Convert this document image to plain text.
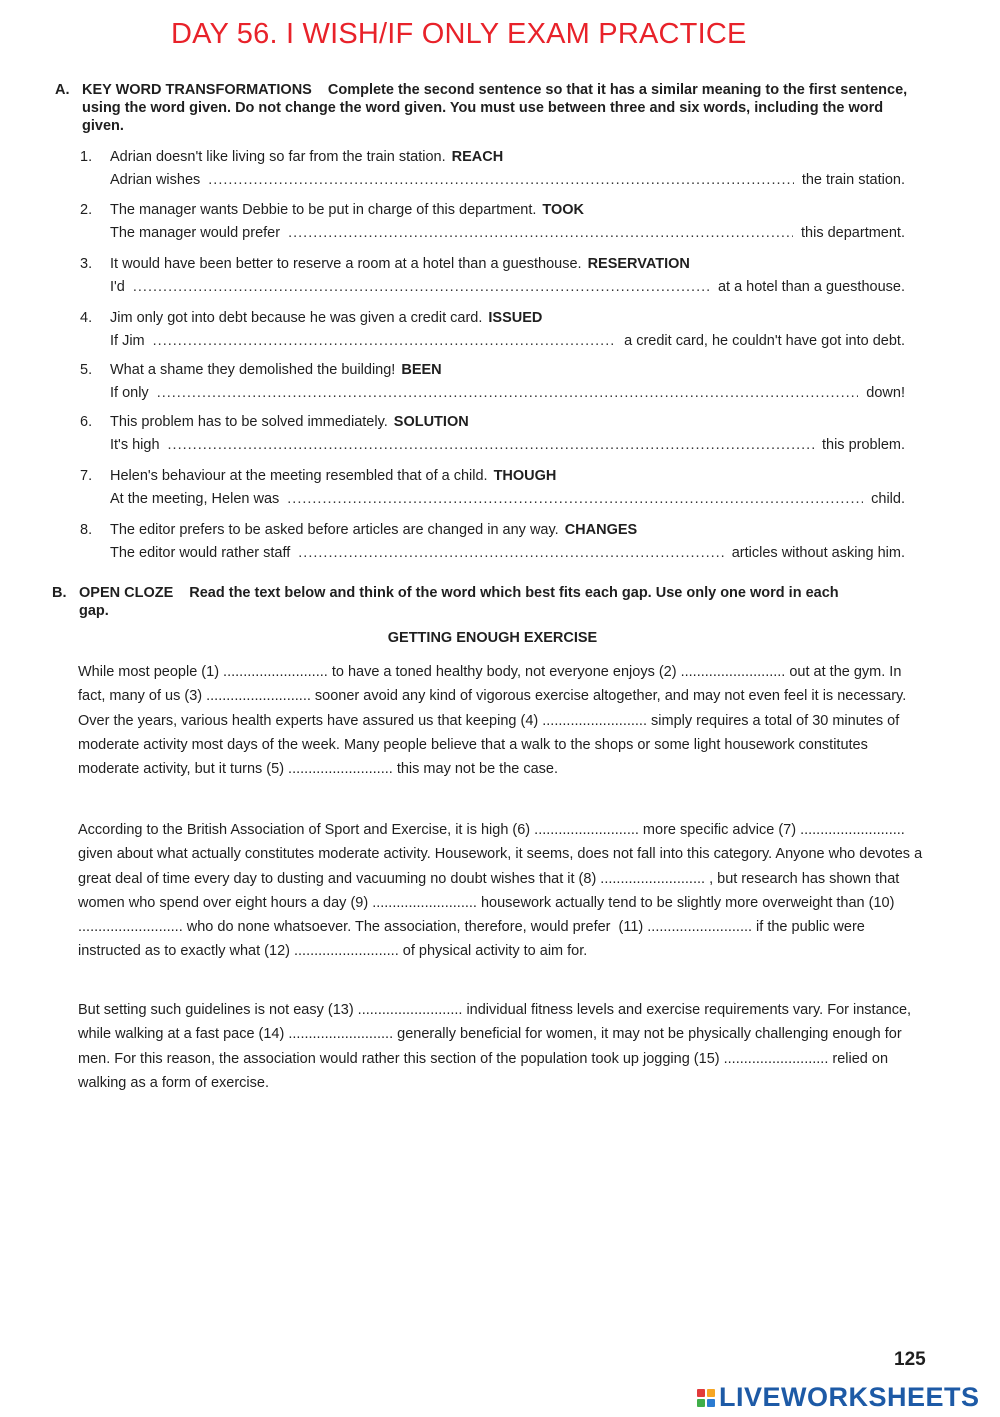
DAY 56. I WISH/IF ONLY EXAM PRACTICE
A. KEY WORD TRANSFORMATIONS Complete the second sentence so that it has a similar meaning to the first sentence, using the word given. Do not change the word given. You must use between three and six words, including the word given.
1. Adrian doesn't like living so far from the train station. REACH
Adrian wishes .....	the train station.
2. The manager wants Debbie to be put in charge of this department. TOOK
The manager would prefer .....	this department.
3. It would have been better to reserve a room at a hotel than a guesthouse. RESERVATION
I'd .....	at a hotel than a guesthouse.
4. Jim only got into debt because he was given a credit card. ISSUED
If Jim .....	a credit card, he couldn't have got into debt.
5. What a shame they demolished the building! BEEN
If only .....	down!
6. This problem has to be solved immediately. SOLUTION
It's high .....	this problem.
7. Helen's behaviour at the meeting resembled that of a child. THOUGH
At the meeting, Helen was .....	child.
8. The editor prefers to be asked before articles are changed in any way. CHANGES
The editor would rather staff .....	articles without asking him.
B. OPEN CLOZE Read the text below and think of the word which best fits each gap. Use only one word in each gap.
GETTING ENOUGH EXERCISE
While most people (1) .......................... to have a toned healthy body, not everyone enjoys (2) .......................... out at the gym. In fact, many of us (3) .......................... sooner avoid any kind of vigorous exercise altogether, and may not even feel it is necessary. Over the years, various health experts have assured us that keeping (4) .......................... simply requires a total of 30 minutes of moderate activity most days of the week. Many people believe that a walk to the shops or some light housework constitutes moderate activity, but it turns (5) .......................... this may not be the case.
According to the British Association of Sport and Exercise, it is high (6) .......................... more specific advice (7) .......................... given about what actually constitutes moderate activity. Housework, it seems, does not fall into this category. Anyone who devotes a great deal of time every day to dusting and vacuuming no doubt wishes that it (8) .......................... , but research has shown that women who spend over eight hours a day (9) .......................... housework actually tend to be slightly more overweight than (10) .......................... who do none whatsoever. The association, therefore, would prefer  (11) .......................... if the public were instructed as to exactly what (12) .......................... of physical activity to aim for.
But setting such guidelines is not easy (13) .......................... individual fitness levels and exercise requirements vary. For instance, while walking at a fast pace (14) .......................... generally beneficial for women, it may not be physically challenging enough for men. For this reason, the association would rather this section of the population took up jogging (15) .......................... relied on walking as a form of exercise.
125
LIVEWORKSHEETS
